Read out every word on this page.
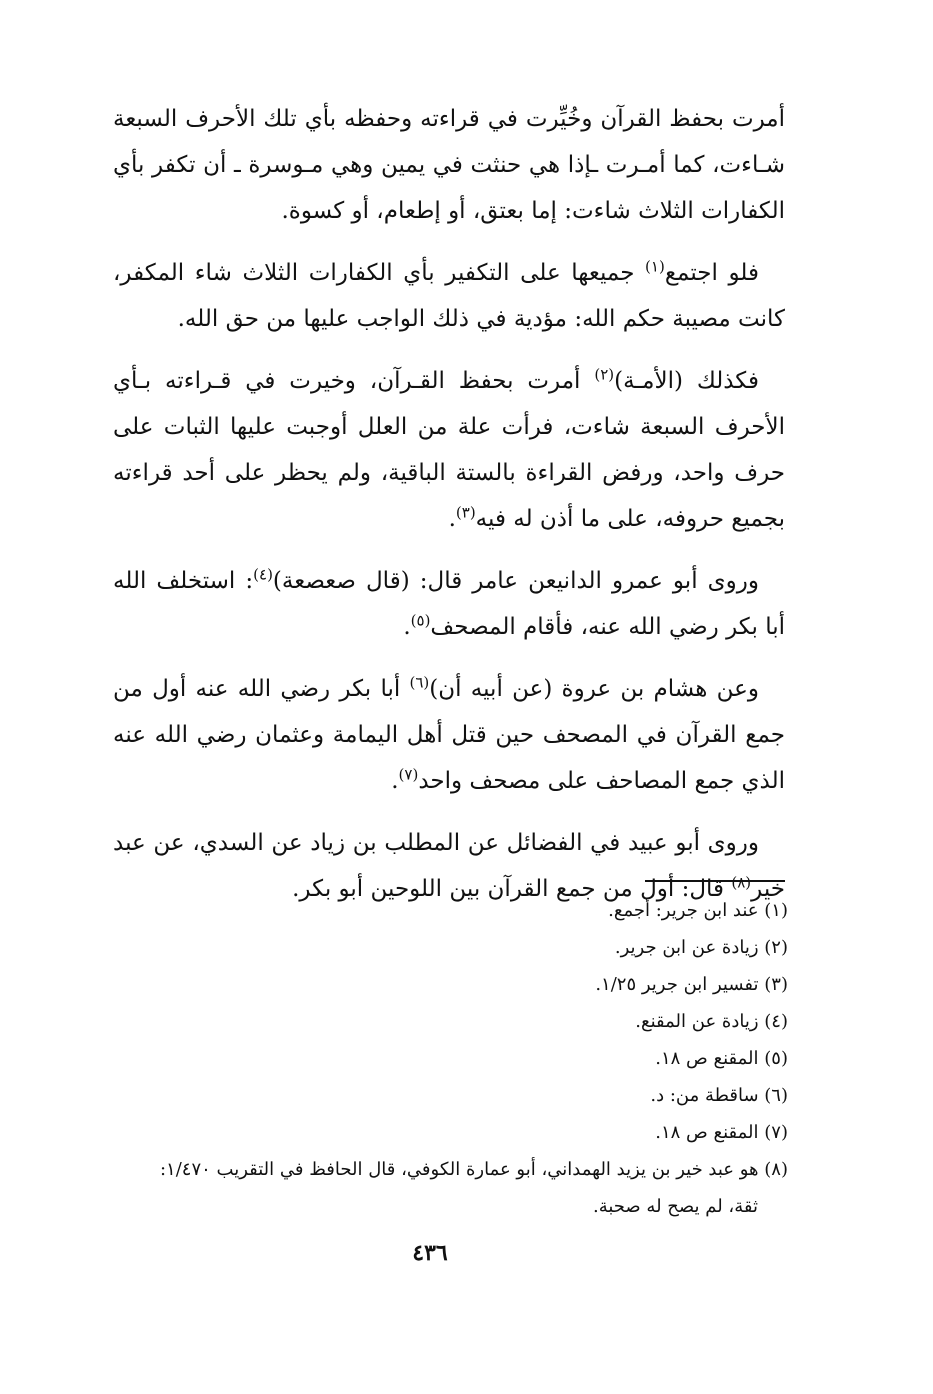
أمرت بحفظ القرآن وخُيِّرت في قراءته وحفظه بأي تلك الأحرف السبعة شـاءت، كما أمـرت ـإذا هي حنثت في يمين وهي مـوسرة ـ أن تكفر بأي الكفارات الثلاث شاءت: إما بعتق، أو إطعام، أو كسوة.

فلو اجتمع$^{(١)}$ جميعها على التكفير بأي الكفارات الثلاث شاء المكفر، كانت مصيبة حكم الله: مؤدية في ذلك الواجب عليها من حق الله.

فكذلك (الأمـة)$^{(٢)}$ أمرت بحفظ القـرآن، وخيرت في قـراءته بـأي الأحرف السبعة شاءت، فرأت علة من العلل أوجبت عليها الثبات على حرف واحد، ورفض القراءة بالستة الباقية، ولم يحظر على أحد قراءته بجميع حروفه، على ما أذن له فيه$^{(٣)}$.

وروى أبو عمرو الدانيعن عامر قال: (قال صعصعة)$^{(٤)}$: استخلف الله أبا بكر رضي الله عنه، فأقام المصحف$^{(٥)}$.

وعن هشام بن عروة (عن أبيه أن)$^{(٦)}$ أبا بكر رضي الله عنه أول من جمع القرآن في المصحف حين قتل أهل اليمامة وعثمان رضي الله عنه الذي جمع المصاحف على مصحف واحد$^{(٧)}$.

وروى أبو عبيد في الفضائل عن المطلب بن زياد عن السدي، عن عبد خير$^{(٨)}$ قال: أول من جمع القرآن بين اللوحين أبو بكر.

(١) عند ابن جرير: أجمع.
(٢) زيادة عن ابن جرير.
(٣) تفسير ابن جرير ١/٢٥.
(٤) زيادة عن المقنع.
(٥) المقنع ص ١٨.
(٦) ساقطة من: د.
(٧) المقنع ص ١٨.
(٨) هو عبد خير بن يزيد الهمداني، أبو عمارة الكوفي، قال الحافظ في التقريب ١/٤٧٠:
ثقة، لم يصح له صحبة.
٤٣٦
